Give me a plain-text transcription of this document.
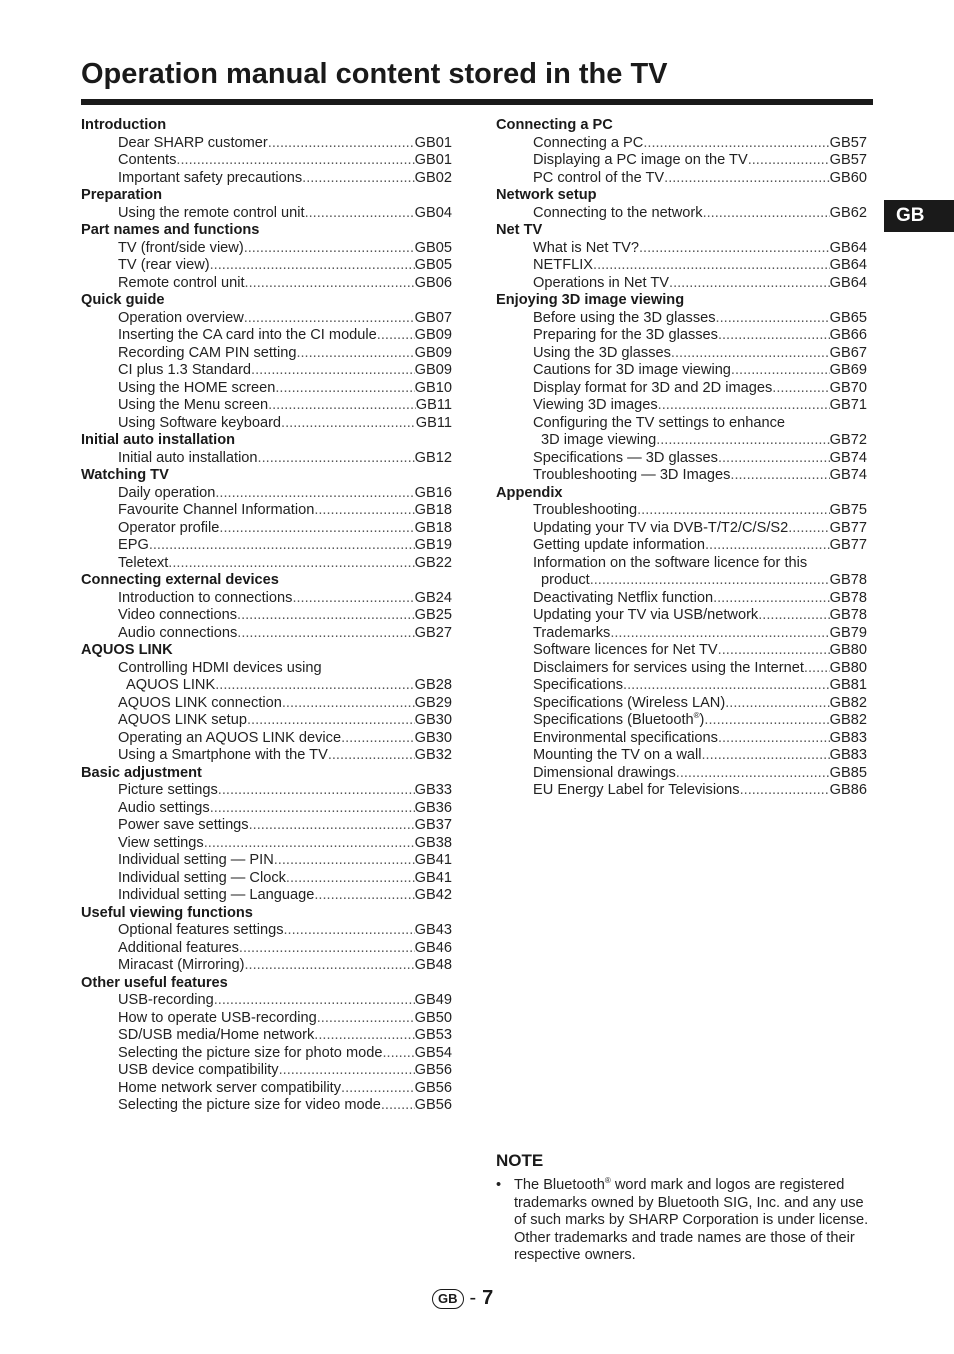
Operation manual content stored in the TV
GB
Introduction
Dear SHARP customer .....	GB01
Contents .....	GB01
Important safety precautions .....	GB02
Preparation
Using the remote control unit .....	GB04
Part names and functions
TV (front/side view) .....	GB05
TV (rear view) .....	GB05
Remote control unit .....	GB06
Quick guide
Operation overview .....	GB07
Inserting the CA card into the CI module .....	GB09
Recording CAM PIN setting .....	GB09
CI plus 1.3 Standard .....	GB09
Using the HOME screen .....	GB10
Using the Menu screen .....	GB11
Using Software keyboard .....	GB11
Initial auto installation
Initial auto installation .....	GB12
Watching TV
Daily operation .....	GB16
Favourite Channel Information .....	GB18
Operator profile .....	GB18
EPG .....	GB19
Teletext .....	GB22
Connecting external devices
Introduction to connections .....	GB24
Video connections .....	GB25
Audio connections .....	GB27
AQUOS LINK
Controlling HDMI devices using
AQUOS LINK .....	GB28
AQUOS LINK connection .....	GB29
AQUOS LINK setup .....	GB30
Operating an AQUOS LINK device .....	GB30
Using a Smartphone with the TV .....	GB32
Basic adjustment
Picture settings .....	GB33
Audio settings .....	GB36
Power save settings .....	GB37
View settings .....	GB38
Individual setting — PIN .....	GB41
Individual setting — Clock .....	GB41
Individual setting — Language .....	GB42
Useful viewing functions
Optional features settings .....	GB43
Additional features .....	GB46
Miracast (Mirroring) .....	GB48
Other useful features
USB-recording .....	GB49
How to operate USB-recording .....	GB50
SD/USB media/Home network .....	GB53
Selecting the picture size for photo mode ..... GB54
USB device compatibility .....	GB56
Home network server compatibility .....	GB56
Selecting the picture size for video mode ..... GB56
Connecting a PC
Connecting a PC .....	GB57
Displaying a PC image on the TV .....	GB57
PC control of the TV .....	GB60
Network setup
Connecting to the network .....	GB62
Net TV
What is Net TV? .....	GB64
NETFLIX .....	GB64
Operations in Net TV .....	GB64
Enjoying 3D image viewing
Before using the 3D glasses .....	GB65
Preparing for the 3D glasses .....	GB66
Using the 3D glasses .....	GB67
Cautions for 3D image viewing .....	GB69
Display format for 3D and 2D images .....	GB70
Viewing 3D images .....	GB71
Configuring the TV settings to enhance
3D image viewing .....	GB72
Specifications — 3D glasses .....	GB74
Troubleshooting — 3D Images .....	GB74
Appendix
Troubleshooting .....	GB75
Updating your TV via DVB-T/T2/C/S/S2 .....	GB77
Getting update information .....	GB77
Information on the software licence for this
product .....	GB78
Deactivating Netflix function .....	GB78
Updating your TV via USB/network .....	GB78
Trademarks .....	GB79
Software licences for Net TV .....	GB80
Disclaimers for services using the Internet ..... GB80
Specifications .....	GB81
Specifications (Wireless LAN) .....	GB82
Specifications (Bluetooth®) .....	GB82
Environmental specifications .....	GB83
Mounting the TV on a wall .....	GB83
Dimensional drawings .....	GB85
EU Energy Label for Televisions .....	GB86
NOTE
• The Bluetooth® word mark and logos are registered trademarks owned by Bluetooth SIG, Inc. and any use of such marks by SHARP Corporation is under license. Other trademarks and trade names are those of their respective owners.
GB - 7
